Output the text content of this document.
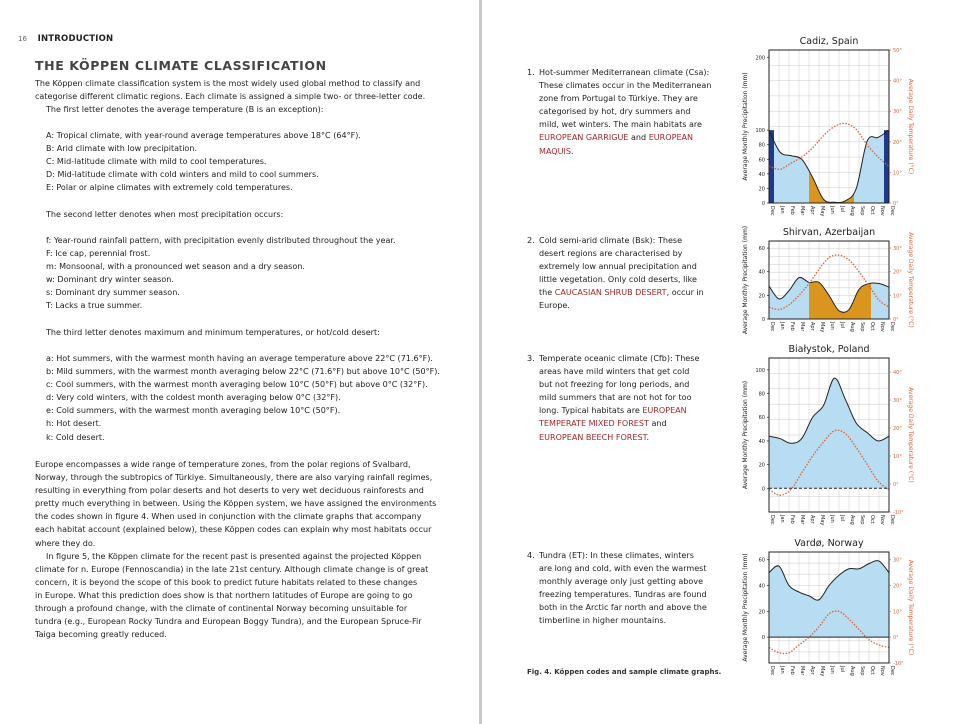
16 INTRODUCTION
THE KÖPPEN CLIMATE CLASSIFICATION

The Köppen climate classification system is the most widely used global method to classify and

categorise different climatic regions. Each climate is assigned a simple two- or three-letter code.

The first letter denotes the average temperature (B is an exception):

A: Tropical climate, with year-round average temperatures above 18°C (64°F).
B: Arid climate with low precipitation.
C: Mid-latitude climate with mild to cool temperatures.
D: Mid-latitude climate with cold winters and mild to cool summers.
E: Polar or alpine climates with extremely cold temperatures.
The second letter denotes when most precipitation occurs:
f: Year-round rainfall pattern, with precipitation evenly distributed throughout the year.
F: Ice cap, perennial frost.
m: Monsoonal, with a pronounced wet season and a dry season.
w: Dominant dry winter season.
s: Dominant dry summer season.
T: Lacks a true summer.
The third letter denotes maximum and minimum temperatures, or hot/cold desert:
a: Hot summers, with the warmest month having an average temperature above 22°C (71.6°F).
b: Mild summers, with the warmest month averaging below 22°C (71.6°F) but above 10°C (50°F).
c: Cool summers, with the warmest month averaging below 10°C (50°F) but above 0°C (32°F).
d: Very cold winters, with the coldest month averaging below 0°C (32°F).
e: Cold summers, with the warmest month averaging below 10°C (50°F).
h: Hot desert.
k: Cold desert.

Europe encompasses a wide range of temperature zones, from the polar regions of Svalbard,

Norway, through the subtropics of Türkiye. Simultaneously, there are also varying rainfall regimes,

resulting in everything from polar deserts and hot deserts to very wet deciduous rainforests and

pretty much everything in between. Using the Köppen system, we have assigned the environments

the codes shown in figure 4. When used in conjunction with the climate graphs that accompany

each habitat account (explained below), these Köppen codes can explain why most habitats occur

where they do.

In figure 5, the Köppen climate for the recent past is presented against the projected Köppen

climate for n. Europe (Fennoscandia) in the late 21st century. Although climate change is of great

concern, it is beyond the scope of this book to predict future habitats related to these changes

in Europe. What this prediction does show is that northern latitudes of Europe are going to go

through a profound change, with the climate of continental Norway becoming unsuitable for

tundra (e.g., European Rocky Tundra and European Boggy Tundra), and the European Spruce-Fir

Taiga becoming greatly reduced.

1. Hot-summer Mediterranean climate (Csa):
These climates occur in the Mediterranean
zone from Portugal to Türkiye. They are
categorised by hot, dry summers and
mild, wet winters. The main habitats are
EUROPEAN GARRIGUE and EUROPEAN
MAQUIS.
2. Cold semi-arid climate (Bsk): These
desert regions are characterised by
extremely low annual precipitation and
little vegetation. Only cold deserts, like
the CAUCASIAN SHRUB DESERT, occur in
Europe.
3. Temperate oceanic climate (Cfb): These
areas have mild winters that get cold
but not freezing for long periods, and
mild summers that are not hot for too
long. Typical habitats are EUROPEAN
TEMPERATE MIXED FOREST and
EUROPEAN BEECH FOREST.
4. Tundra (ET): In these climates, winters
are long and cold, with even the warmest
monthly average only just getting above
freezing temperatures. Tundras are found
both in the Arctic far north and above the
timberline in higher mountains.
Fig. 4. Köppen codes and sample climate graphs.
Cadiz, Spain
0
20
40
60
80
100
200
0°
10°
20°
30°
40°
50°
Dec Jan Feb Mar Apr May Jun Jul Aug Sep Oct Nov Dec
Average Monthly Precipitation (mm)	Average Daily Temperature (°C)
Shirvan, Azerbaijan
0
20
40
60
0°
10°
20°
30°
Dec Jan Feb Mar Apr May Jun Jul Aug Sep Oct Nov Dec
Average Monthly Precipitation (mm)	Average Daily Temperature (°C)
Białystok, Poland
0
20
40
60
80
100
-10°
0°
10°
20°
30°
40°
Dec Jan Feb Mar Apr May Jun Jul Aug Sep Oct Nov Dec
Average Monthly Precipitation (mm)	Average Daily Temperature (°C)
Vardø, Norway
0
20
40
60
-10°
0°
10°
20°
30°
Dec Jan Feb Mar Apr May Jun Jul Aug Sep Oct Nov Dec
Average Monthly Precipitation (mm)	Average Daily Temperature (°C)
